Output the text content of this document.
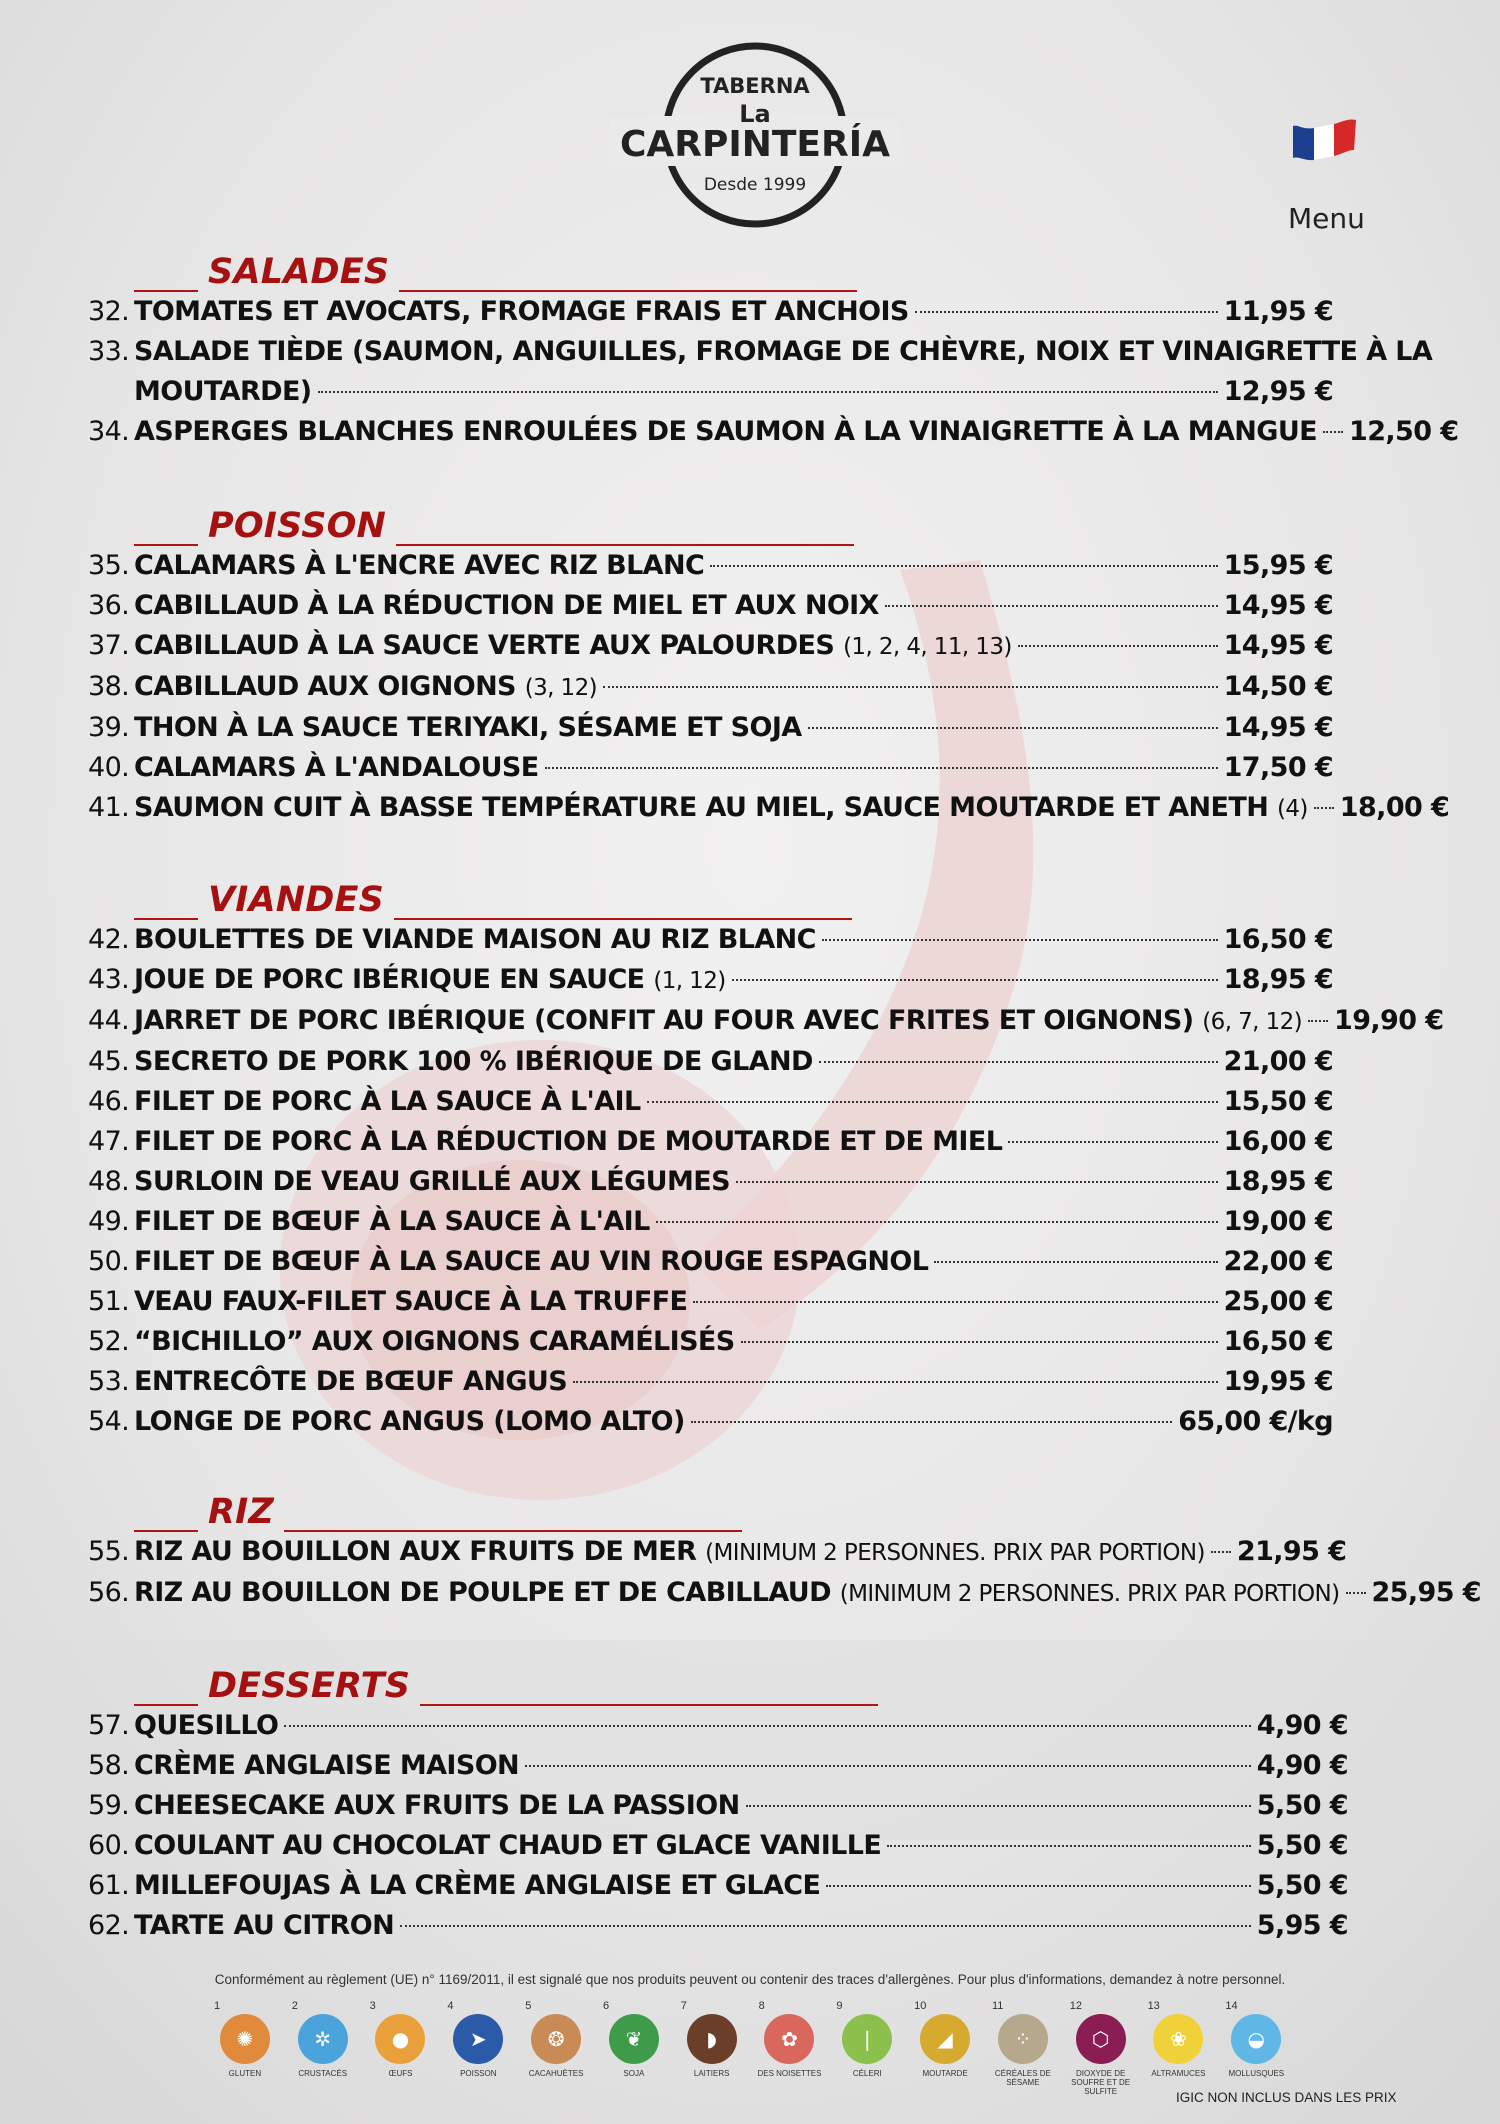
TABERNA
La
CARPINTERÍA
Desde 1999
Menu
SALADES
32. TOMATES ET AVOCATS, FROMAGE FRAIS ET ANCHOIS	11,95 €
33. SALADE TIÈDE (SAUMON, ANGUILLES, FROMAGE DE CHÈVRE, NOIX ET VINAIGRETTE À LA
MOUTARDE)	12,95 €
34. ASPERGES BLANCHES ENROULÉES DE SAUMON À LA VINAIGRETTE À LA MANGUE 12,50 €
POISSON
35. CALAMARS À L'ENCRE AVEC RIZ BLANC	15,95 €
36. CABILLAUD À LA RÉDUCTION DE MIEL ET AUX NOIX	14,95 €
37. CABILLAUD À LA SAUCE VERTE AUX PALOURDES (1, 2, 4, 11, 13)	14,95 €
38. CABILLAUD AUX OIGNONS (3, 12)	14,50 €
39. THON À LA SAUCE TERIYAKI, SÉSAME ET SOJA	14,95 €
40. CALAMARS À L'ANDALOUSE	17,50 €
41. SAUMON CUIT À BASSE TEMPÉRATURE AU MIEL, SAUCE MOUTARDE ET ANETH (4) 18,00 €
VIANDES
42. BOULETTES DE VIANDE MAISON AU RIZ BLANC	16,50 €
43. JOUE DE PORC IBÉRIQUE EN SAUCE (1, 12)	18,95 €
44. JARRET DE PORC IBÉRIQUE (CONFIT AU FOUR AVEC FRITES ET OIGNONS) (6, 7, 12) 19,90 €
45. SECRETO DE PORK 100 % IBÉRIQUE DE GLAND	21,00 €
46. FILET DE PORC À LA SAUCE À L'AIL	15,50 €
47. FILET DE PORC À LA RÉDUCTION DE MOUTARDE ET DE MIEL	16,00 €
48. SURLOIN DE VEAU GRILLÉ AUX LÉGUMES	18,95 €
49. FILET DE BŒUF À LA SAUCE À L'AIL	19,00 €
50. FILET DE BŒUF À LA SAUCE AU VIN ROUGE ESPAGNOL	22,00 €
51. VEAU FAUX-FILET SAUCE À LA TRUFFE	25,00 €
52. “BICHILLO” AUX OIGNONS CARAMÉLISÉS	16,50 €
53. ENTRECÔTE DE BŒUF ANGUS	19,95 €
54. LONGE DE PORC ANGUS (LOMO ALTO)	65,00 €/kg
RIZ
55. RIZ AU BOUILLON AUX FRUITS DE MER (MINIMUM 2 PERSONNES. PRIX PAR PORTION) 21,95 €
56. RIZ AU BOUILLON DE POULPE ET DE CABILLAUD (MINIMUM 2 PERSONNES. PRIX PAR PORTION) 25,95 €
DESSERTS
57. QUESILLO	4,90 €
58. CRÈME ANGLAISE MAISON	4,90 €
59. CHEESECAKE AUX FRUITS DE LA PASSION	5,50 €
60. COULANT AU CHOCOLAT CHAUD ET GLACE VANILLE	5,50 €
61. MILLEFOUJAS À LA CRÈME ANGLAISE ET GLACE	5,50 €
62. TARTE AU CITRON	5,95 €
Conformément au règlement (UE) n° 1169/2011, il est signalé que nos produits peuvent ou contenir des traces d'allergènes. Pour plus d'informations, demandez à notre personnel.
1
✺
GLUTEN
2
✲
CRUSTACÉS
3
●
ŒUFS
4
➤
POISSON
5
❂
CACAHUÈTES
6
❦
SOJA
7
◗
LAITIERS
8
✿
DES NOISETTES
9
❘
CÉLERI
10
◢
MOUTARDE
11
⁘
CÉRÉALES DE SÉSAME
12
⬡
DIOXYDE DE SOUFRE ET DE SULFITE
13
❀
ALTRAMUCES
14
◒
MOLLUSQUES
IGIC NON INCLUS DANS LES PRIX
